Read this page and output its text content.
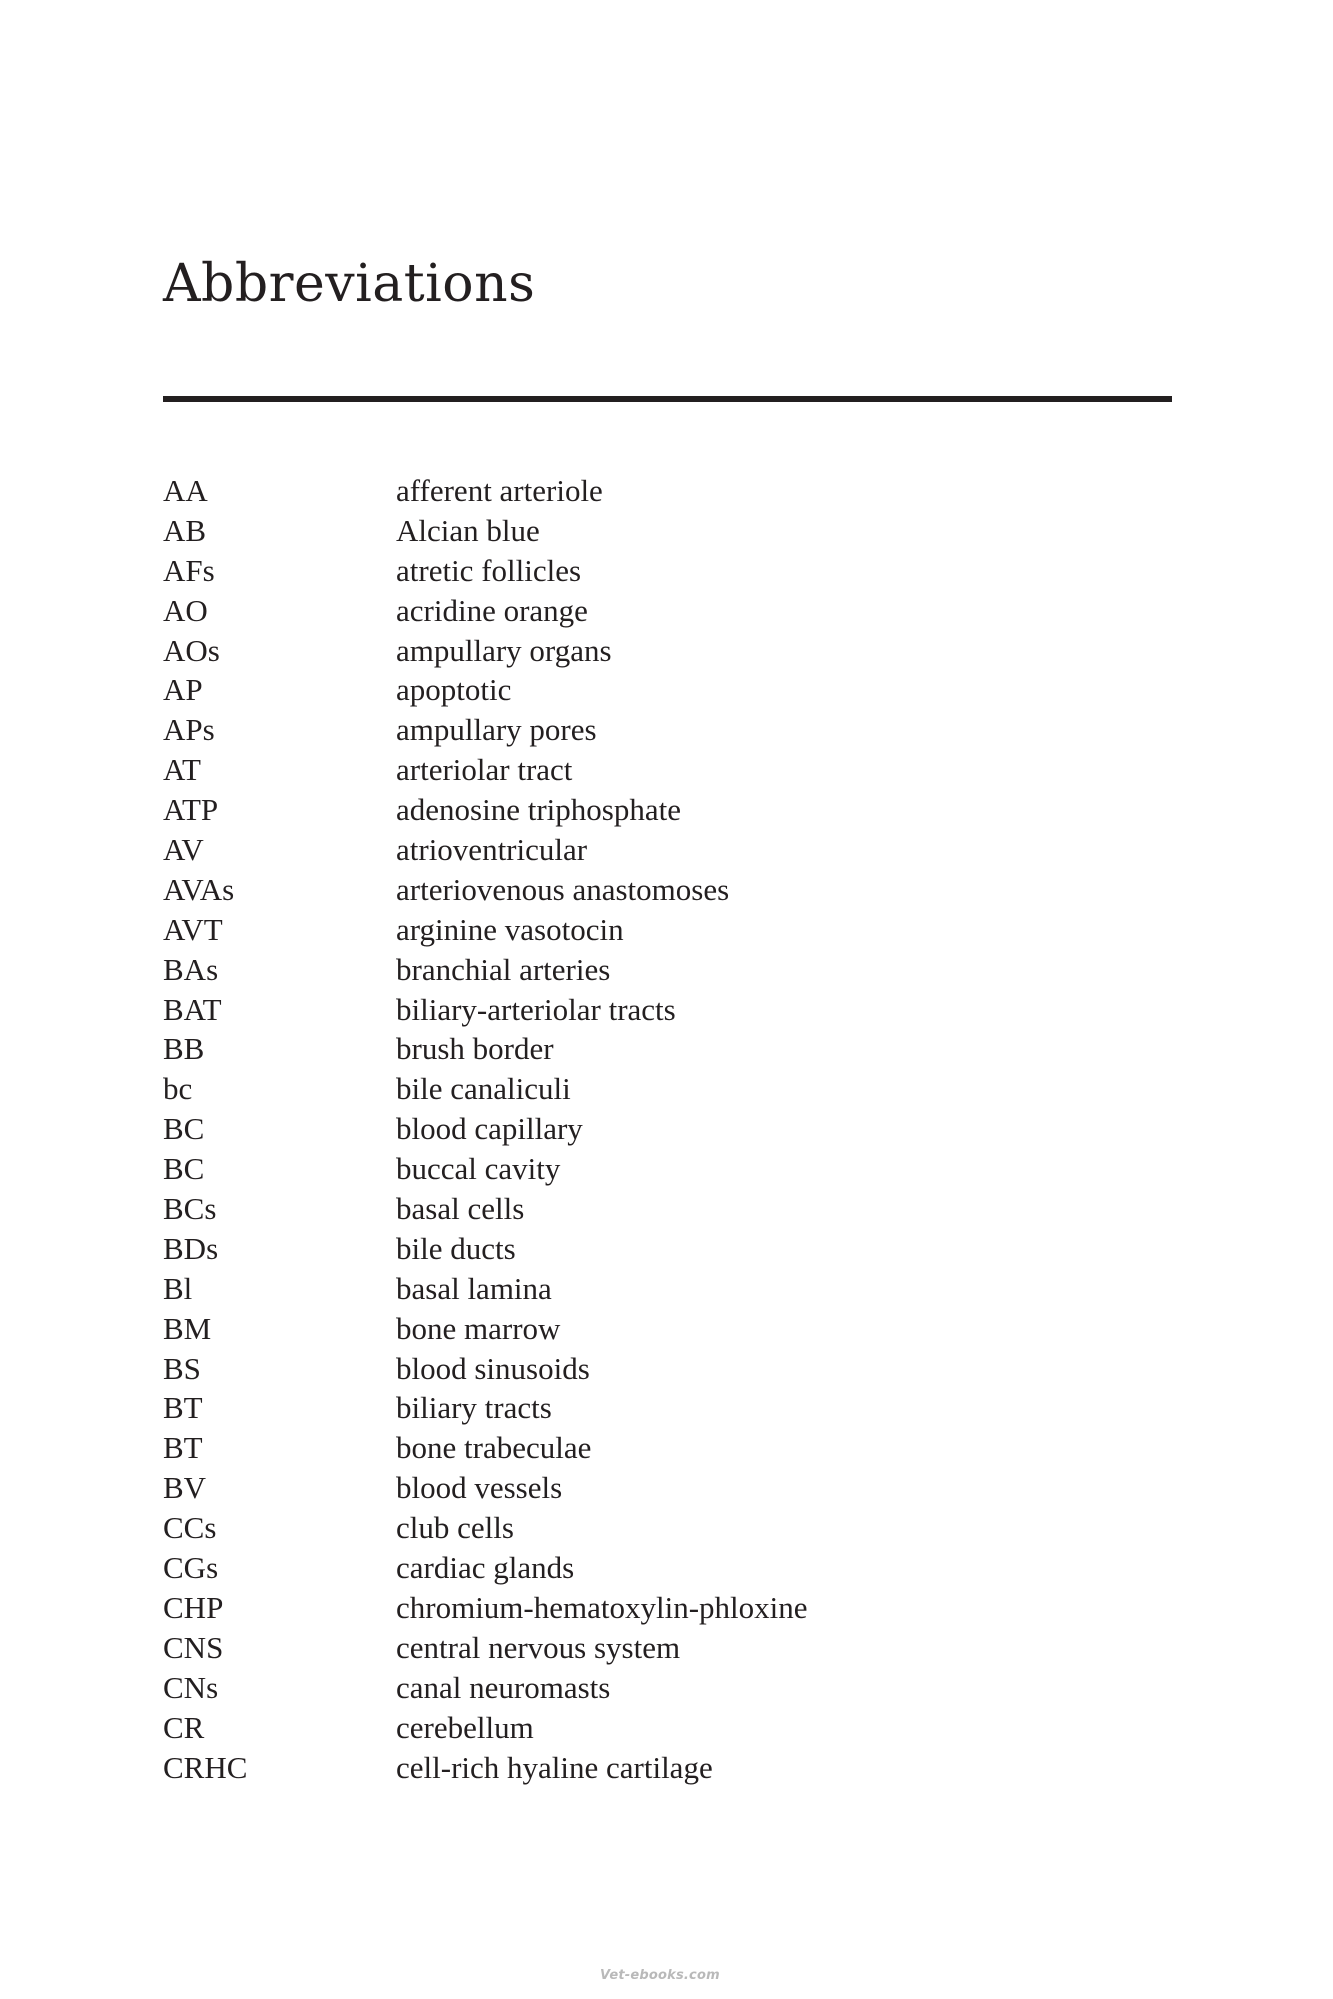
Abbreviations
AA	afferent arteriole
AB	Alcian blue
AFs	atretic follicles
AO	acridine orange
AOs	ampullary organs
AP	apoptotic
APs	ampullary pores
AT	arteriolar tract
ATP	adenosine triphosphate
AV	atrioventricular
AVAs	arteriovenous anastomoses
AVT	arginine vasotocin
BAs	branchial arteries
BAT	biliary-arteriolar tracts
BB	brush border
bc	bile canaliculi
BC	blood capillary
BC	buccal cavity
BCs	basal cells
BDs	bile ducts
Bl	basal lamina
BM	bone marrow
BS	blood sinusoids
BT	biliary tracts
BT	bone trabeculae
BV	blood vessels
CCs	club cells
CGs	cardiac glands
CHP	chromium-hematoxylin-phloxine
CNS	central nervous system
CNs	canal neuromasts
CR	cerebellum
CRHC	cell-rich hyaline cartilage
Vet-ebooks.com
